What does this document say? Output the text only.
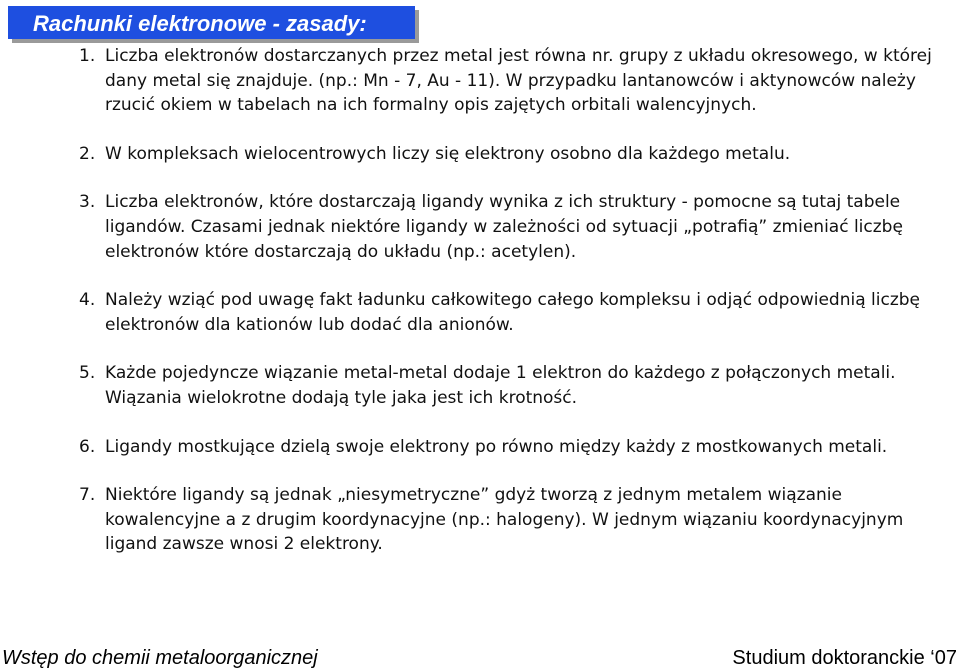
Rachunki elektronowe - zasady:
1. Liczba elektronów dostarczanych przez metal jest równa nr. grupy z układu okresowego, w której dany metal się znajduje. (np.: Mn - 7, Au - 11). W przypadku lantanowców i aktynowców należy rzucić okiem w tabelach na ich formalny opis zajętych orbitali walencyjnych.
2. W kompleksach wielocentrowych liczy się elektrony osobno dla każdego metalu.
3. Liczba elektronów, które dostarczają ligandy wynika z ich struktury - pomocne są tutaj tabele ligandów. Czasami jednak niektóre ligandy w zależności od sytuacji „potrafią” zmieniać liczbę elektronów które dostarczają do układu (np.: acetylen).
4. Należy wziąć pod uwagę fakt ładunku całkowitego całego kompleksu i odjąć odpowiednią liczbę elektronów dla kationów lub dodać dla anionów.
5. Każde pojedyncze wiązanie metal-metal dodaje 1 elektron do każdego z połączonych metali. Wiązania wielokrotne dodają tyle jaka jest ich krotność.
6. Ligandy mostkujące dzielą swoje elektrony po równo między każdy z mostkowanych metali.
7. Niektóre ligandy są jednak „niesymetryczne” gdyż tworzą z jednym metalem wiązanie kowalencyjne a z drugim koordynacyjne (np.: halogeny). W jednym wiązaniu koordynacyjnym ligand zawsze wnosi 2 elektrony.
Wstęp do chemii metaloorganicznej	Studium doktoranckie ‘07
